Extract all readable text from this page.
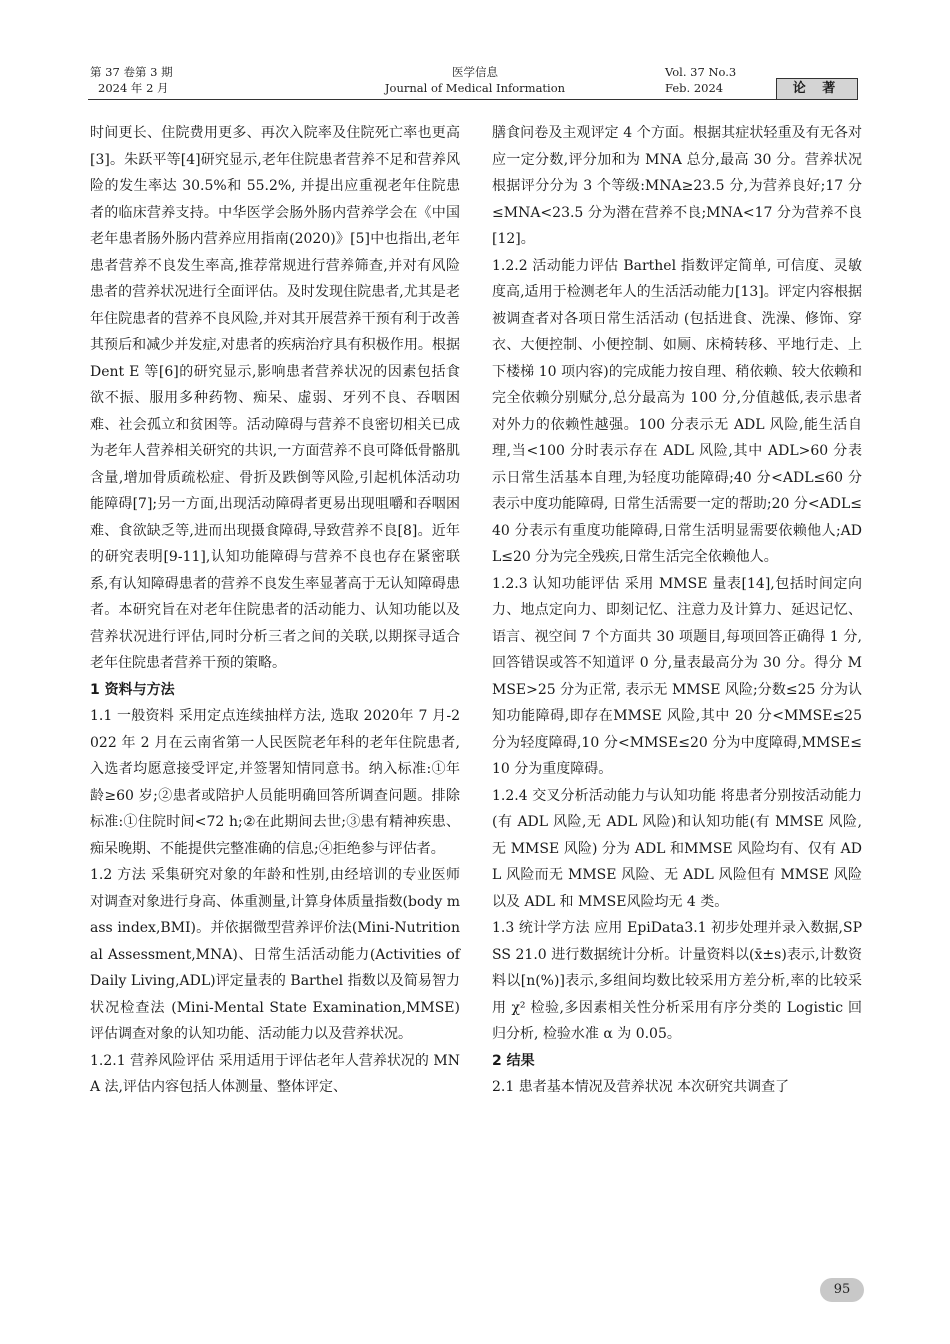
第 37 卷第 3 期
2024 年 2 月
医学信息
Journal of Medical Information
Vol. 37 No.3
Feb. 2024	论 著

时间更长、住院费用更多、再次入院率及住院死亡率也更高[3]。朱跃平等[4]研究显示,老年住院患者营养不足和营养风险的发生率达 30.5%和 55.2%, 并提出应重视老年住院患者的临床营养支持。中华医学会肠外肠内营养学会在《中国老年患者肠外肠内营养应用指南(2020)》[5]中也指出,老年患者营养不良发生率高,推荐常规进行营养筛查,并对有风险患者的营养状况进行全面评估。及时发现住院患者,尤其是老年住院患者的营养不良风险,并对其开展营养干预有利于改善其预后和减少并发症,对患者的疾病治疗具有积极作用。根据 Dent E 等[6]的研究显示,影响患者营养状况的因素包括食欲不振、服用多种药物、痴呆、虚弱、牙列不良、吞咽困难、社会孤立和贫困等。活动障碍与营养不良密切相关已成为老年人营养相关研究的共识,一方面营养不良可降低骨骼肌含量,增加骨质疏松症、骨折及跌倒等风险,引起机体活动功能障碍[7];另一方面,出现活动障碍者更易出现咀嚼和吞咽困难、食欲缺乏等,进而出现摄食障碍,导致营养不良[8]。近年的研究表明[9-11],认知功能障碍与营养不良也存在紧密联系,有认知障碍患者的营养不良发生率显著高于无认知障碍患者。本研究旨在对老年住院患者的活动能力、认知功能以及营养状况进行评估,同时分析三者之间的关联,以期探寻适合老年住院患者营养干预的策略。

1 资料与方法

1.1 一般资料 采用定点连续抽样方法, 选取 2020年 7 月-2022 年 2 月在云南省第一人民医院老年科的老年住院患者,入选者均愿意接受评定,并签署知情同意书。纳入标准:①年龄≥60 岁;②患者或陪护人员能明确回答所调查问题。排除标准:①住院时间<72 h;②在此期间去世;③患有精神疾患、痴呆晚期、不能提供完整准确的信息;④拒绝参与评估者。

1.2 方法 采集研究对象的年龄和性别,由经培训的专业医师对调查对象进行身高、体重测量,计算身体质量指数(body mass index,BMI)。并依据微型营养评价法(Mini-Nutritional Assessment,MNA)、日常生活活动能力(Activities of Daily Living,ADL)评定量表的 Barthel 指数以及简易智力状况检查法 (Mini-Mental State Examination,MMSE)评估调查对象的认知功能、活动能力以及营养状况。

1.2.1 营养风险评估 采用适用于评估老年人营养状况的 MNA 法,评估内容包括人体测量、整体评定、

膳食问卷及主观评定 4 个方面。根据其症状轻重及有无各对应一定分数,评分加和为 MNA 总分,最高 30 分。营养状况根据评分分为 3 个等级:MNA≥23.5 分,为营养良好;17 分≤MNA<23.5 分为潜在营养不良;MNA<17 分为营养不良[12]。

1.2.2 活动能力评估 Barthel 指数评定简单, 可信度、灵敏度高,适用于检测老年人的生活活动能力[13]。评定内容根据被调查者对各项日常生活活动 (包括进食、洗澡、修饰、穿衣、大便控制、小便控制、如厕、床椅转移、平地行走、上下楼梯 10 项内容)的完成能力按自理、稍依赖、较大依赖和完全依赖分别赋分,总分最高为 100 分,分值越低,表示患者对外力的依赖性越强。100 分表示无 ADL 风险,能生活自理,当<100 分时表示存在 ADL 风险,其中 ADL>60 分表示日常生活基本自理,为轻度功能障碍;40 分<ADL≤60 分表示中度功能障碍, 日常生活需要一定的帮助;20 分<ADL≤40 分表示有重度功能障碍,日常生活明显需要依赖他人;ADL≤20 分为完全残疾,日常生活完全依赖他人。

1.2.3 认知功能评估 采用 MMSE 量表[14],包括时间定向力、地点定向力、即刻记忆、注意力及计算力、延迟记忆、语言、视空间 7 个方面共 30 项题目,每项回答正确得 1 分,回答错误或答不知道评 0 分,量表最高分为 30 分。得分 MMSE>25 分为正常, 表示无 MMSE 风险;分数≤25 分为认知功能障碍,即存在MMSE 风险,其中 20 分<MMSE≤25 分为轻度障碍,10 分<MMSE≤20 分为中度障碍,MMSE≤10 分为重度障碍。

1.2.4 交叉分析活动能力与认知功能 将患者分别按活动能力(有 ADL 风险,无 ADL 风险)和认知功能(有 MMSE 风险, 无 MMSE 风险) 分为 ADL 和MMSE 风险均有、仅有 ADL 风险而无 MMSE 风险、无 ADL 风险但有 MMSE 风险以及 ADL 和 MMSE风险均无 4 类。

1.3 统计学方法 应用 EpiData3.1 初步处理并录入数据,SPSS 21.0 进行数据统计分析。计量资料以(x̄±s)表示,计数资料以[n(%)]表示,多组间均数比较采用方差分析,率的比较采用 χ² 检验,多因素相关性分析采用有序分类的 Logistic 回归分析, 检验水准 α 为 0.05。

2 结果

2.1 患者基本情况及营养状况 本次研究共调查了

95
